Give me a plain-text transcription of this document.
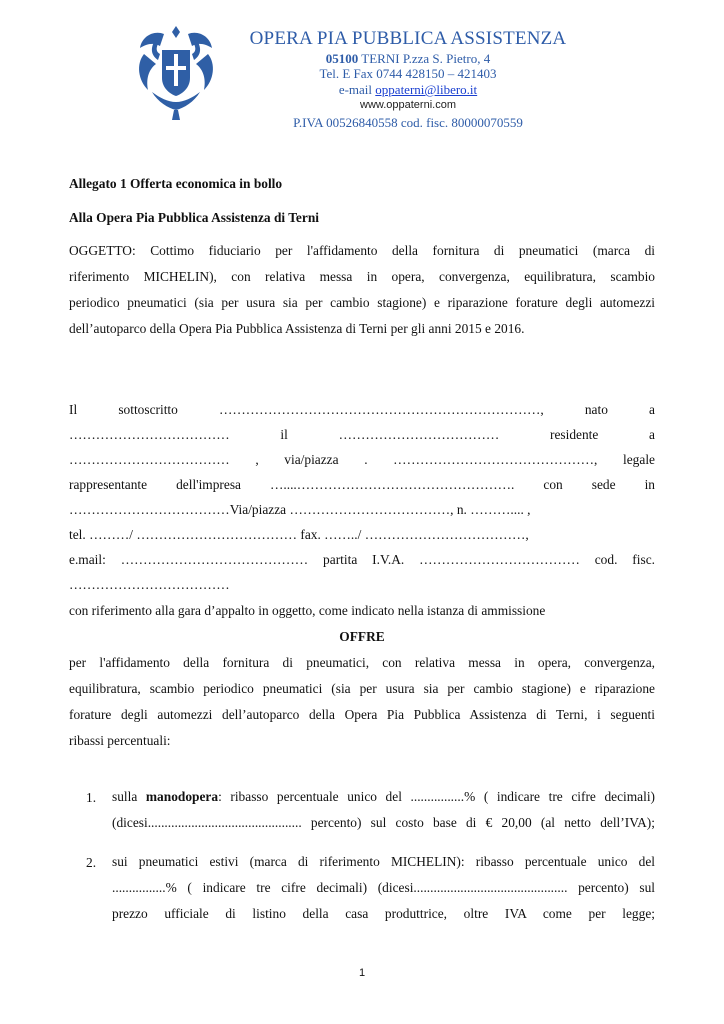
OPERA PIA PUBBLICA ASSISTENZA
05100 TERNI P.zza S. Pietro, 4
Tel. E Fax 0744 428150 – 421403
e-mail oppaterni@libero.it
www.oppaterni.com
P.IVA 00526840558 cod. fisc. 80000070559
Allegato 1 Offerta economica in bollo
Alla Opera Pia Pubblica Assistenza di Terni
OGGETTO: Cottimo fiduciario per l'affidamento della fornitura di pneumatici (marca di
riferimento MICHELIN), con relativa messa in opera, convergenza, equilibratura, scambio
periodico pneumatici (sia per usura sia per cambio stagione) e riparazione forature degli automezzi
dell’autoparco della Opera Pia Pubblica Assistenza di Terni per gli anni 2015 e 2016.
Il sottoscritto ………………………………………………………………, nato a
……………………………… il ……………………………… residente a
……………………………… , via/piazza . ………………………………………, legale
rappresentante dell'impresa …....…………………………………………. con sede in
………………………………Via/piazza ………………………………, n. ……….... ,
tel. ………/ ……………………………… fax. ……../ ………………………………,
e.mail: …………………………………… partita I.V.A. ……………………………… cod. fisc.
………………………………
con riferimento alla gara d’appalto in oggetto, come indicato nella istanza di ammissione
OFFRE
per l'affidamento della fornitura di pneumatici, con relativa messa in opera, convergenza,
equilibratura, scambio periodico pneumatici (sia per usura sia per cambio stagione) e riparazione
forature degli automezzi dell’autoparco della Opera Pia Pubblica Assistenza di Terni, i seguenti
ribassi percentuali:
1. sulla manodopera: ribasso percentuale unico del ................% ( indicare tre cifre decimali)
(dicesi.............................................. percento) sul costo base di € 20,00 (al netto dell’IVA);
2. sui pneumatici estivi (marca di riferimento MICHELIN): ribasso percentuale unico del
................% ( indicare tre cifre decimali) (dicesi.............................................. percento) sul
prezzo ufficiale di listino della casa produttrice, oltre IVA come per legge;
1
